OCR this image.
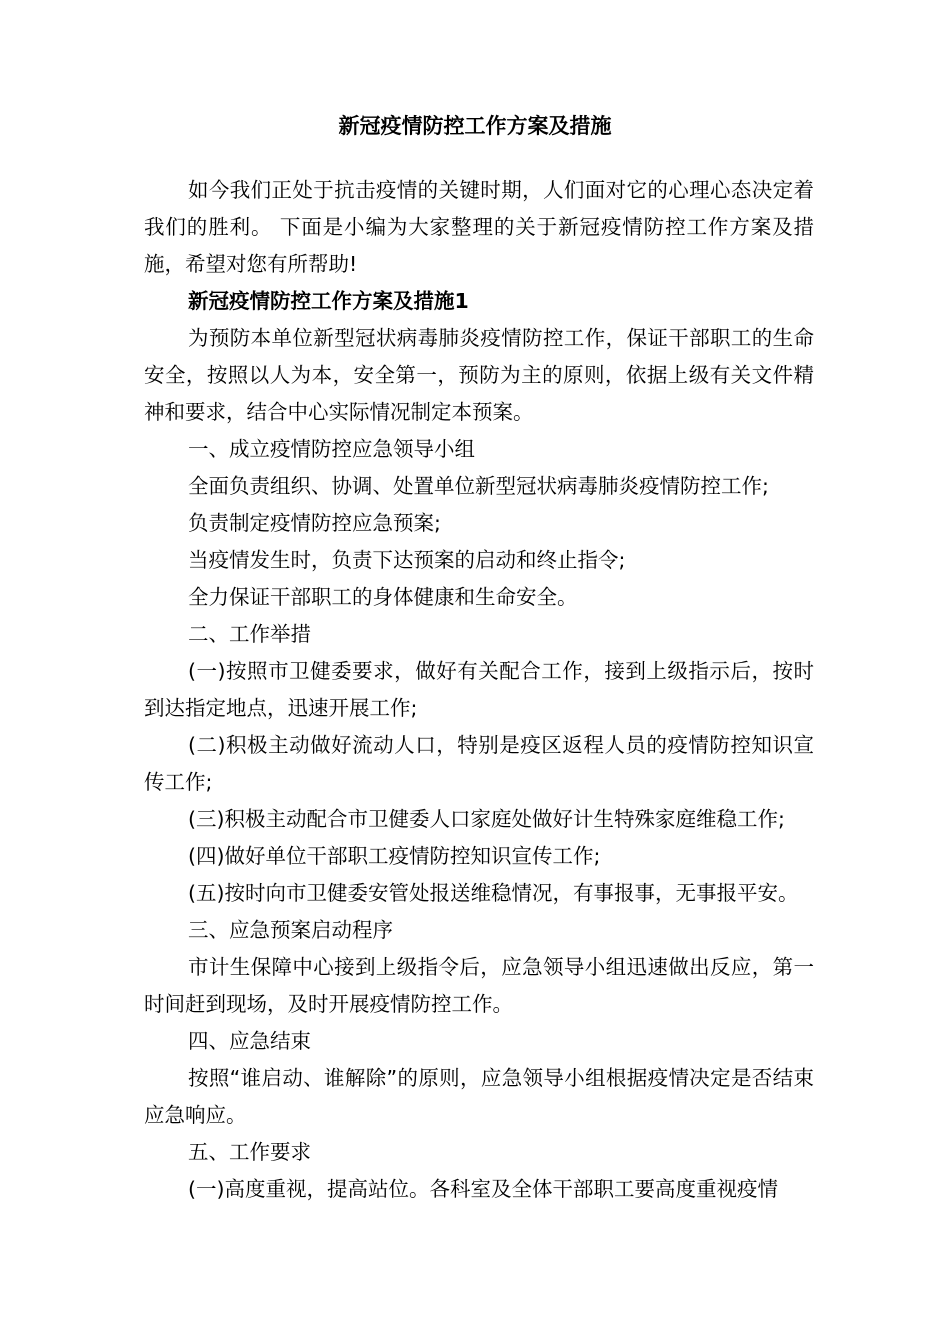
新冠疫情防控工作方案及措施

如今我们正处于抗击疫情的关键时期，人们面对它的心理心态决定着我们的胜利。 下面是小编为大家整理的关于新冠疫情防控工作方案及措施，希望对您有所帮助!

新冠疫情防控工作方案及措施1

为预防本单位新型冠状病毒肺炎疫情防控工作，保证干部职工的生命安全，按照以人为本，安全第一，预防为主的原则，依据上级有关文件精神和要求，结合中心实际情况制定本预案。

一、成立疫情防控应急领导小组

全面负责组织、协调、处置单位新型冠状病毒肺炎疫情防控工作;

负责制定疫情防控应急预案;

当疫情发生时，负责下达预案的启动和终止指令;

全力保证干部职工的身体健康和生命安全。

二、工作举措

(一)按照市卫健委要求，做好有关配合工作，接到上级指示后，按时到达指定地点，迅速开展工作;

(二)积极主动做好流动人口，特别是疫区返程人员的疫情防控知识宣传工作;

(三)积极主动配合市卫健委人口家庭处做好计生特殊家庭维稳工作;

(四)做好单位干部职工疫情防控知识宣传工作;

(五)按时向市卫健委安管处报送维稳情况，有事报事，无事报平安。

三、应急预案启动程序

市计生保障中心接到上级指令后，应急领导小组迅速做出反应，第一时间赶到现场，及时开展疫情防控工作。

四、应急结束

按照“谁启动、谁解除”的原则，应急领导小组根据疫情决定是否结束应急响应。

五、工作要求

(一)高度重视，提高站位。各科室及全体干部职工要高度重视疫情
